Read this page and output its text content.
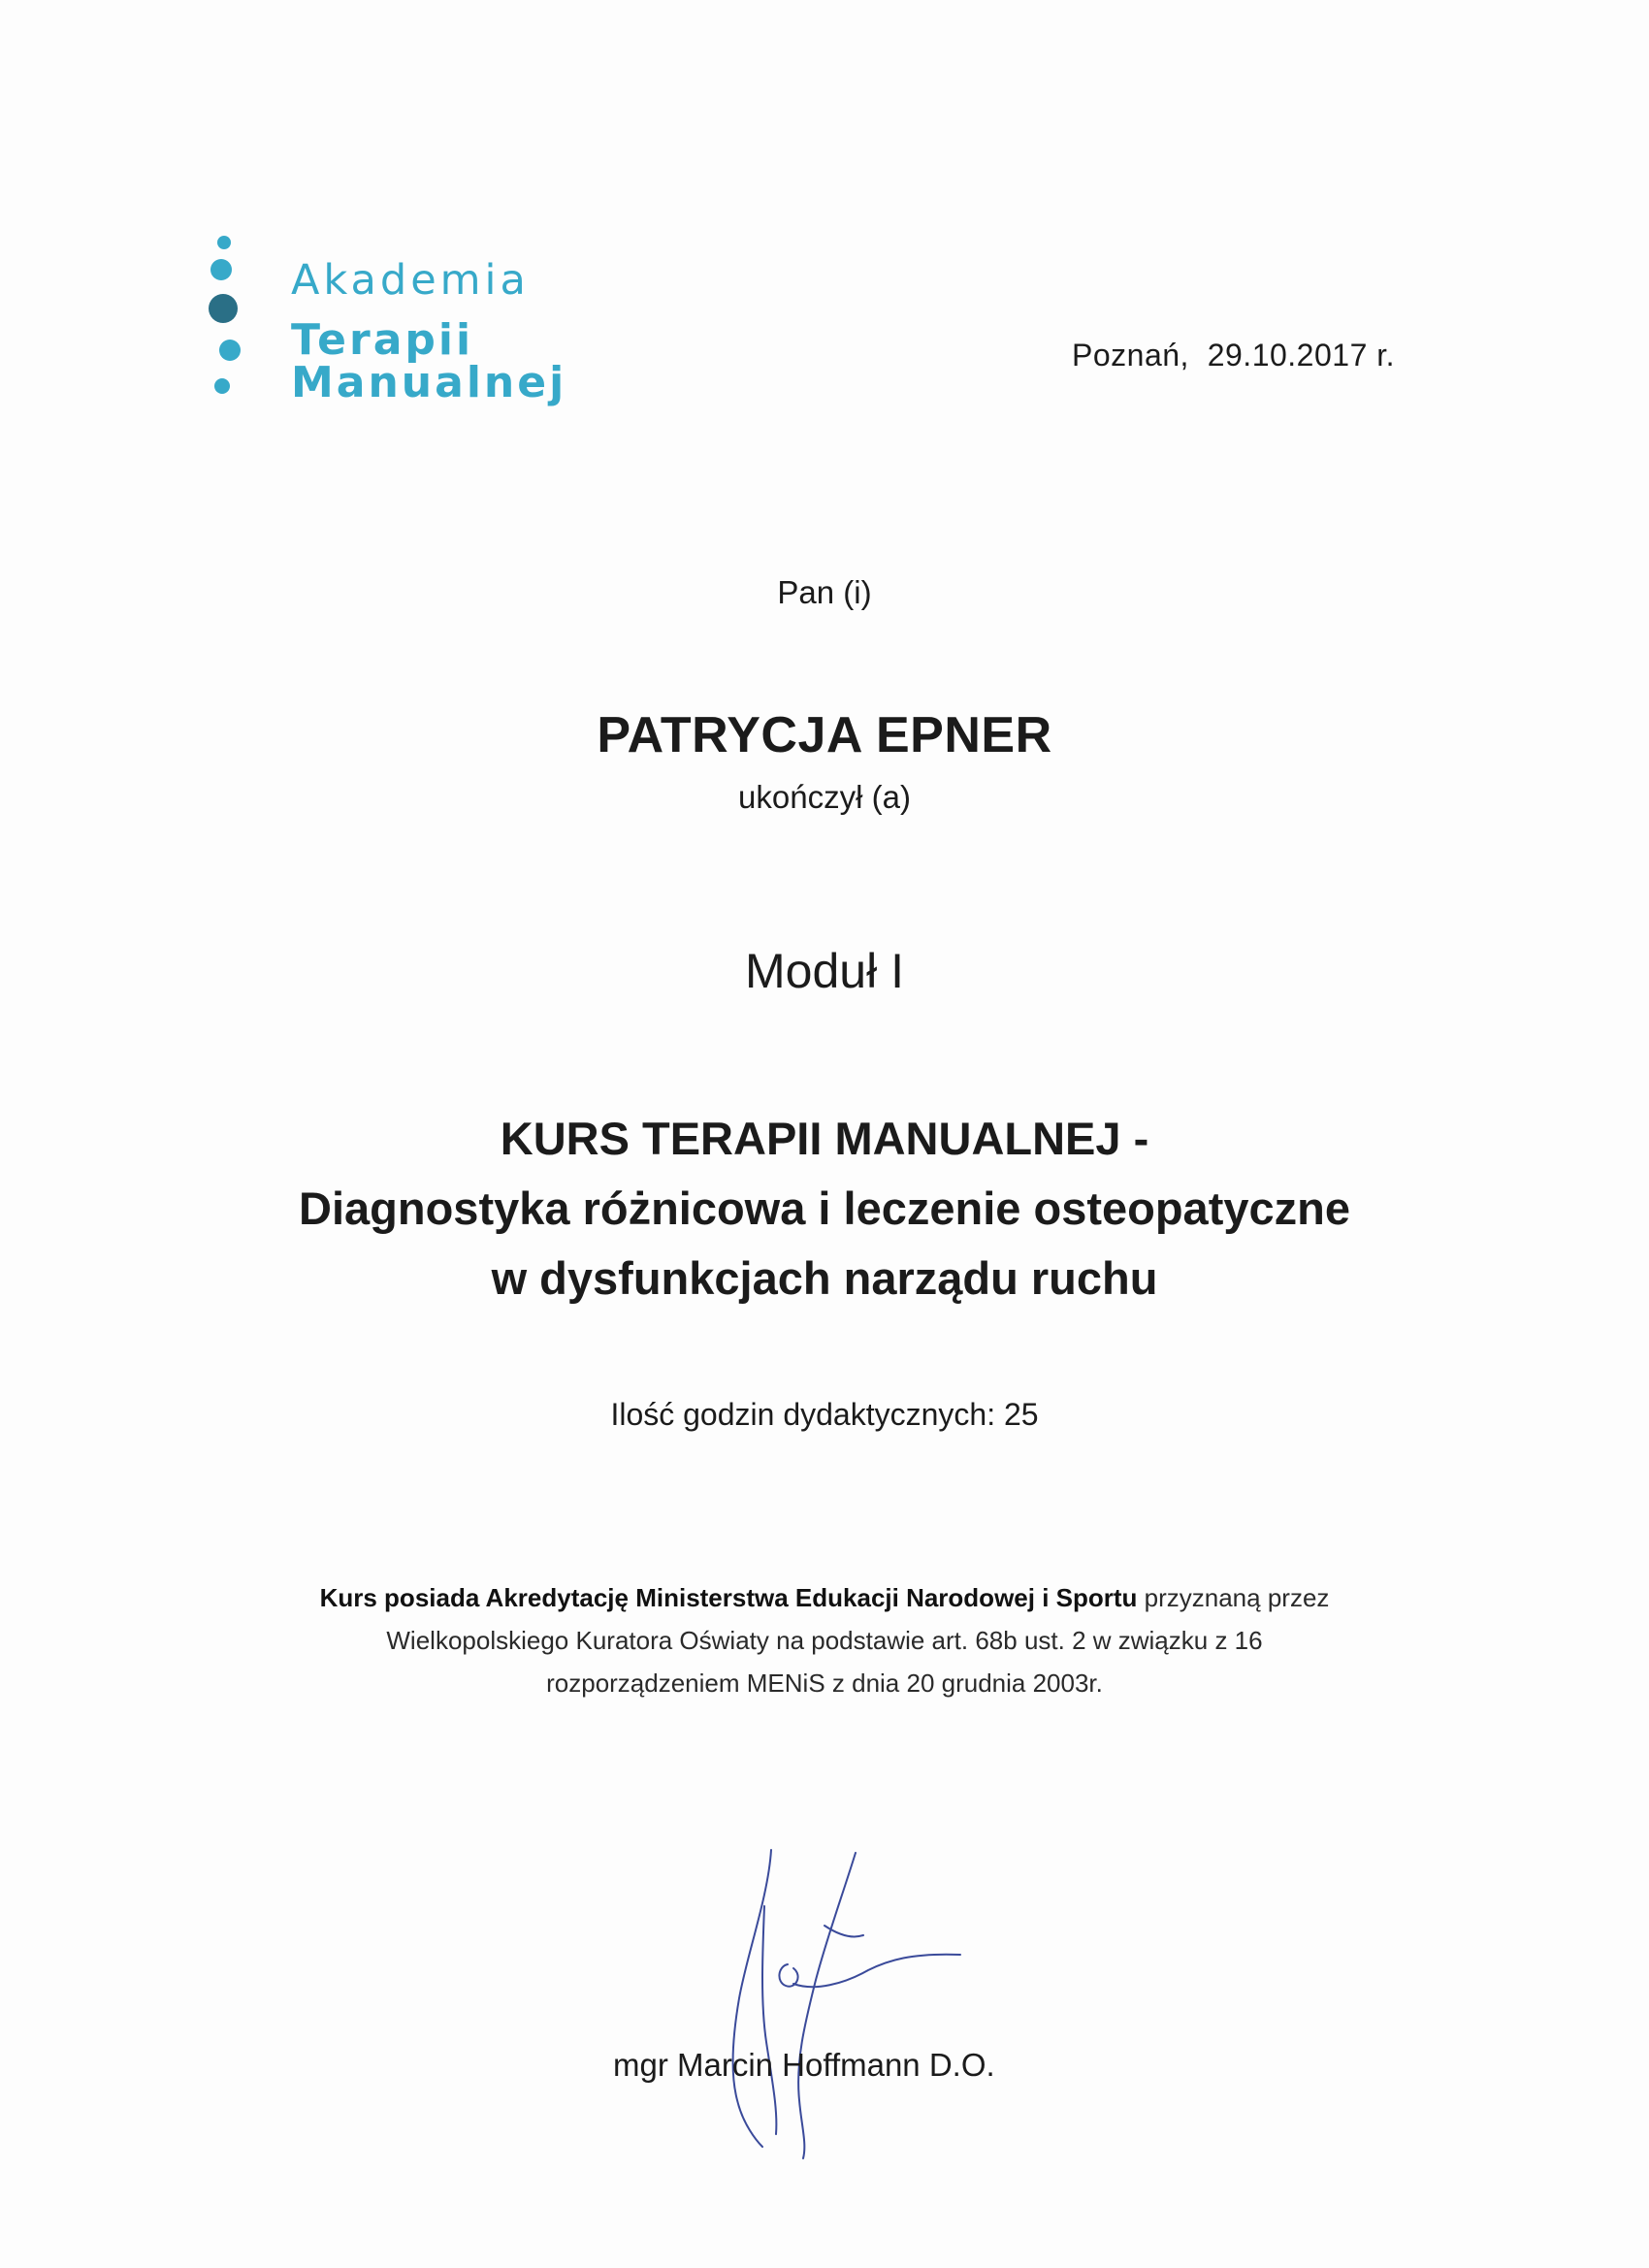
Akademia
Terapii Manualnej
Poznań,  29.10.2017 r.
Pan (i)
PATRYCJA EPNER
ukończył (a)
Moduł I
KURS TERAPII MANUALNEJ -
Diagnostyka różnicowa i leczenie osteopatyczne
w dysfunkcjach narządu ruchu
Ilość godzin dydaktycznych: 25
Kurs posiada Akredytację Ministerstwa Edukacji Narodowej i Sportu przyznaną przez
Wielkopolskiego Kuratora Oświaty na podstawie art. 68b ust. 2 w związku z 16
rozporządzeniem MENiS z dnia 20 grudnia 2003r.
mgr Marcin Hoffmann D.O.
